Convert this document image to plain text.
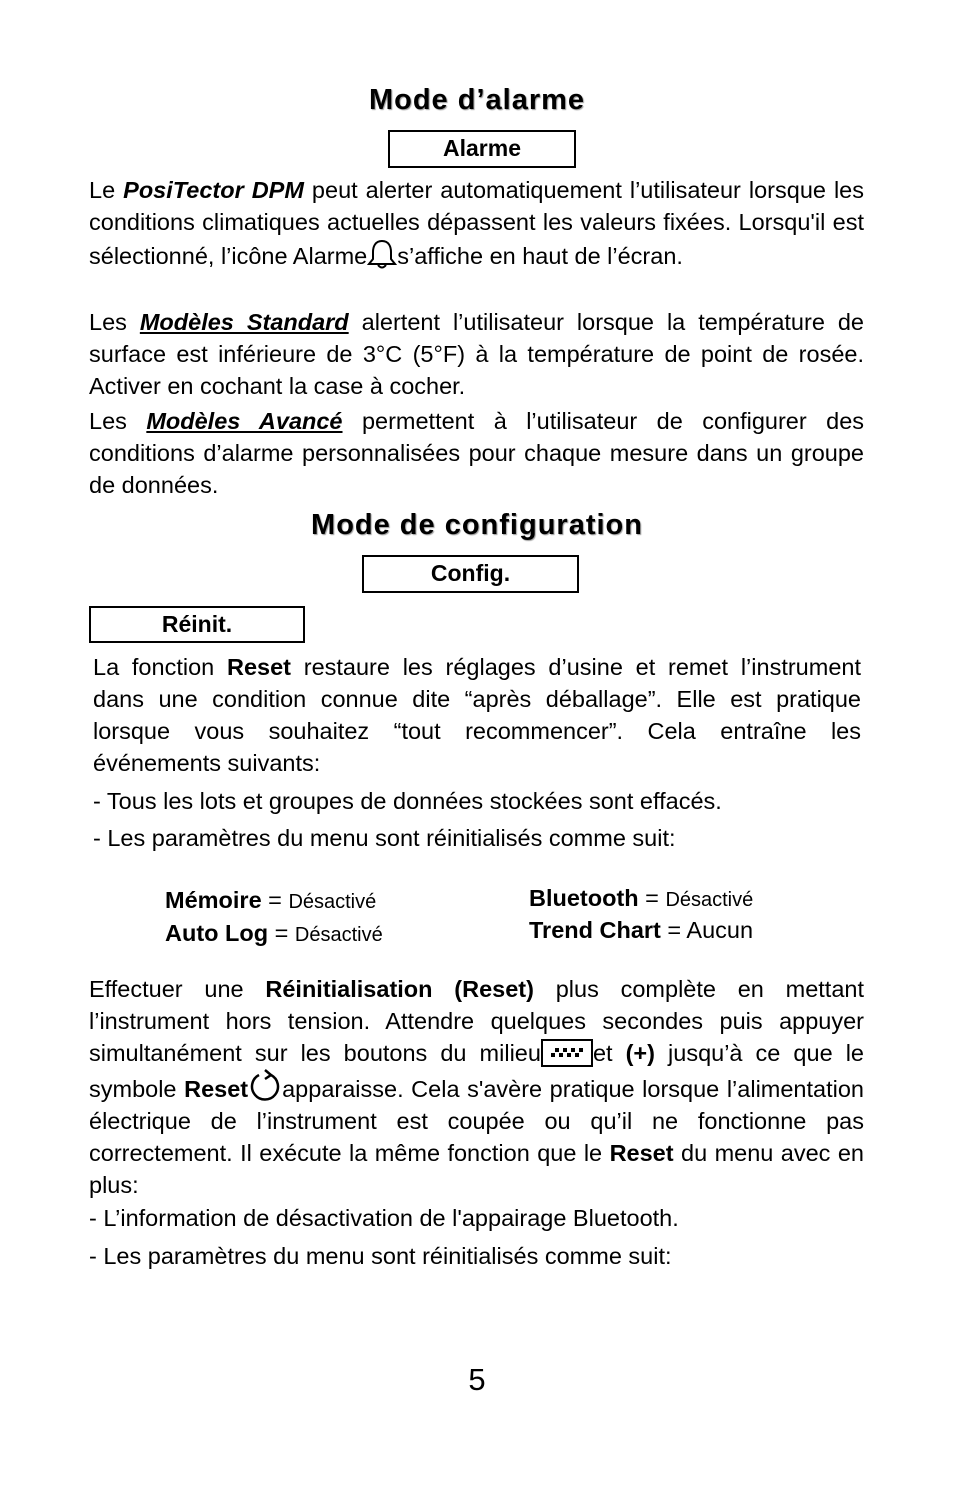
Mode d’alarme
Alarme

Le PosiTector DPM peut alerter automatiquement l’utilisateur lorsque les conditions climatiques actuelles dépassent les valeurs fixées. Lorsqu'il est sélectionné, l’icône Alarme s’affiche en haut de l’écran.

Les Modèles Standard alertent l’utilisateur lorsque la température de surface est inférieure de 3°C (5°F) à la température de point de rosée. Activer en cochant la case à cocher.

Les Modèles Avancé permettent à l’utilisateur de configurer des conditions d’alarme personnalisées pour chaque mesure dans un groupe de données.

Mode de configuration
Config.
Réinit.

La fonction Reset restaure les réglages d’usine et remet l’instrument dans une condition connue dite “après déballage”. Elle est pratique lorsque vous souhaitez “tout recommencer”. Cela entraîne les événements suivants:

- Tous les lots et groupes de données stockées sont effacés.
- Les paramètres du menu sont réinitialisés comme suit:
Mémoire = Désactivé
Auto Log = Désactivé
Bluetooth = Désactivé
Trend Chart = Aucun

Effectuer une Réinitialisation (Reset) plus complète en mettant l’instrument hors tension. Attendre quelques secondes puis appuyer simultanément sur les boutons du milieu et (+) jusqu’à ce que le symbole Reset apparaisse. Cela s'avère pratique lorsque l’alimentation électrique de l’instrument est coupée ou qu’il ne fonctionne pas correctement. Il exécute la même fonction que le Reset du menu avec en plus:

- L’information de désactivation de l'appairage Bluetooth.
- Les paramètres du menu sont réinitialisés comme suit:
5
